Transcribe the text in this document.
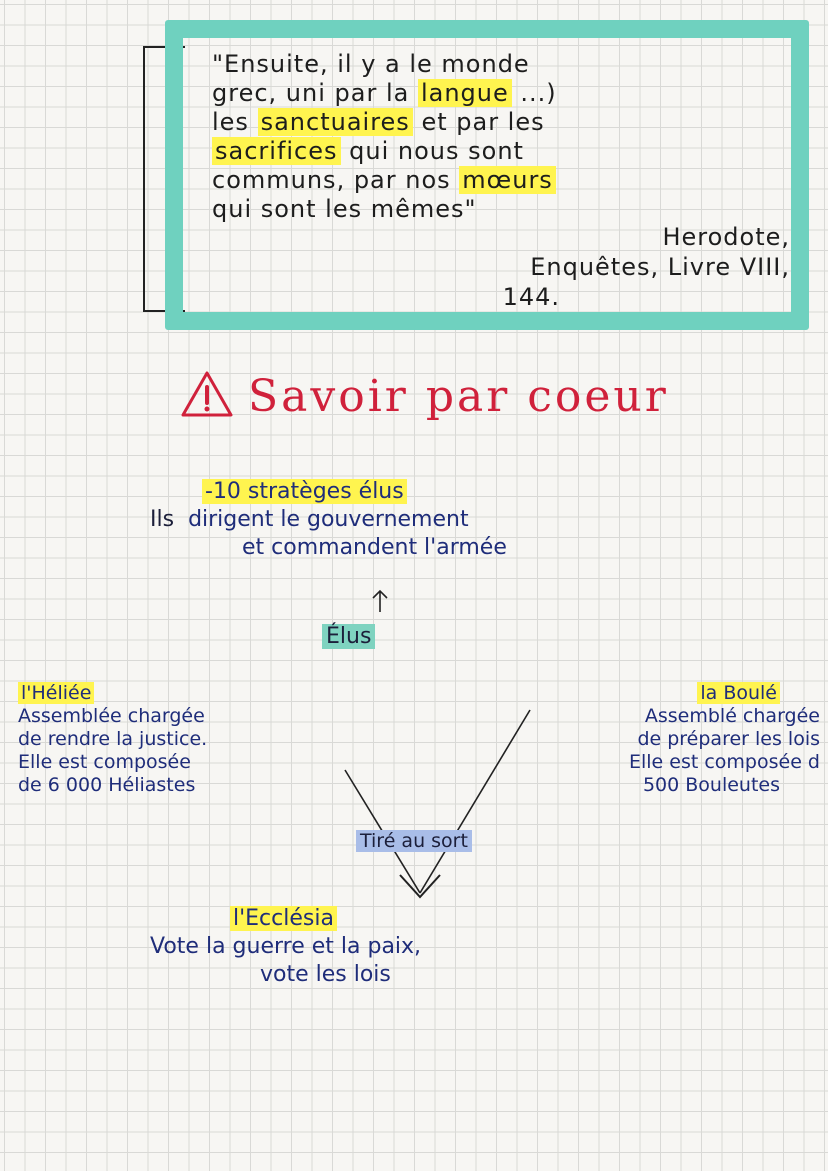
"Ensuite, il y a le monde
grec, uni par la langue ...)
les sanctuaires et par les
sacrifices qui nous sont
communs, par nos mœurs
qui sont les mêmes"
Herodote,
Enquêtes, Livre VIII,
144.
Savoir par coeur
-10 stratèges élus
Ils dirigent le gouvernement
et commandent l'armée
Élus
l'Héliée
Assemblée chargée
de rendre la justice.
Elle est composée
de 6 000 Héliastes
la Boulé
Assemblé chargée
de préparer les lois
Elle est composée d
500 Bouleutes
Tiré au sort
l'Ecclésia
Vote la guerre et la paix,
vote les lois
